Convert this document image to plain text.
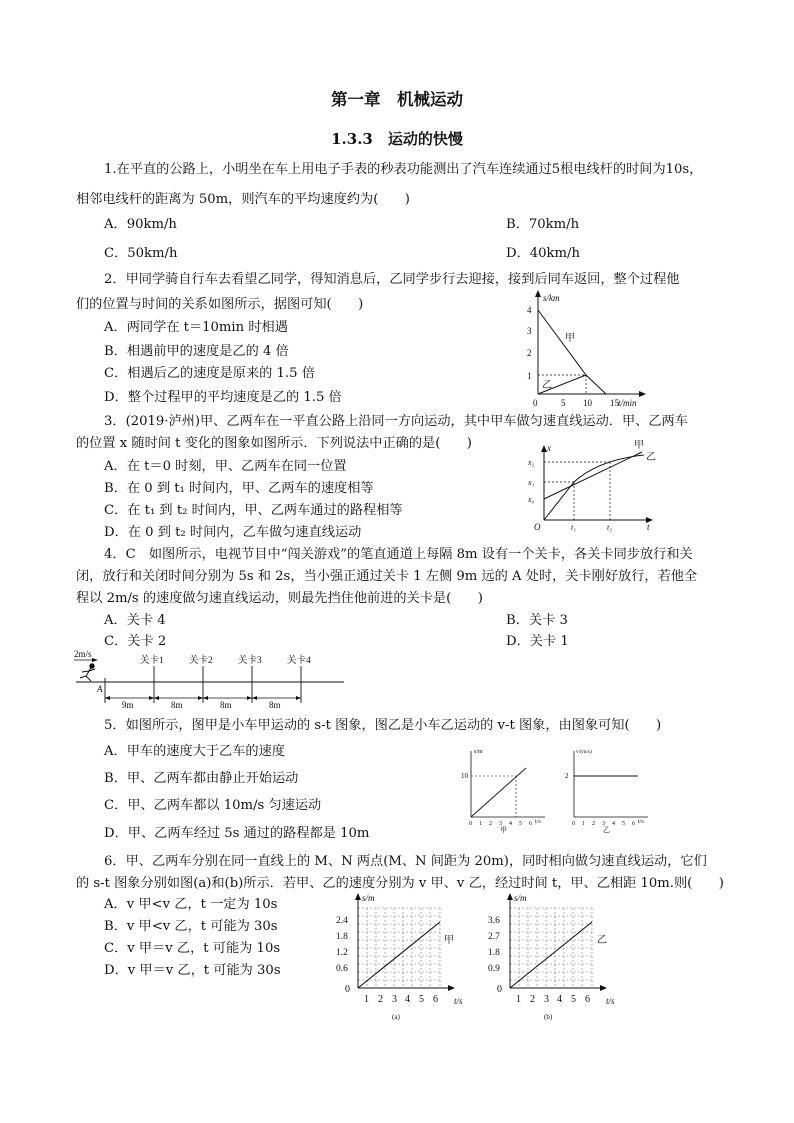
第一章　机械运动
1.3.3　运动的快慢
1.在平直的公路上，小明坐在车上用电子手表的秒表功能测出了汽车连续通过5根电线杆的时间为10s，
相邻电线杆的距离为 50m，则汽车的平均速度约为(　　)
A．90km/h	B．70km/h
C．50km/h	D．40km/h
2．甲同学骑自行车去看望乙同学，得知消息后，乙同学步行去迎接，接到后同车返回，整个过程他
们的位置与时间的关系如图所示，据图可知(　　)
A．两同学在 t＝10min 时相遇
B．相遇前甲的速度是乙的 4 倍
C．相遇后乙的速度是原来的 1.5 倍
D．整个过程甲的平均速度是乙的 1.5 倍
s/km
t/min
1
2
3
4
0	5 10 15
甲
乙
3．(2019·泸州)甲、乙两车在一平直公路上沿同一方向运动，其中甲车做匀速直线运动．甲、乙两车
的位置 x 随时间 t 变化的图象如图所示．下列说法中正确的是(　　)
A．在 t＝0 时刻，甲、乙两车在同一位置
B．在 0 到 t₁ 时间内，甲、乙两车的速度相等
C．在 t₁ 到 t₂ 时间内，甲、乙两车通过的路程相等
D．在 0 到 t₂ 时间内，乙车做匀速直线运动
x
t
O
x₂
x₁
x₀
t₁	t₂
甲
乙
4．C　如图所示，电视节目中“闯关游戏”的笔直通道上每隔 8m 设有一个关卡，各关卡同步放行和关
闭，放行和关闭时间分别为 5s 和 2s，当小强正通过关卡 1 左侧 9m 远的 A 处时，关卡刚好放行，若他全
程以 2m/s 的速度做匀速直线运动，则最先挡住他前进的关卡是(　　)
A．关卡 4	B．关卡 3
C．关卡 2	D．关卡 1
2m/s
A
关卡1	关卡2	关卡3	关卡4
9m	8m	8m	8m
5．如图所示，图甲是小车甲运动的 s-t 图象，图乙是小车乙运动的 v-t 图象，由图象可知(　　)
A．甲车的速度大于乙车的速度
B．甲、乙两车都由静止开始运动
C．甲、乙两车都以 10m/s 匀速运动
D．甲、乙两车经过 5s 通过的路程都是 10m
s/m
t/s
10
0 1 2 3 4 5 6
甲
v/(m/s)
t/s
2
0 1 2 3 4 5 6
乙
6．甲、乙两车分别在同一直线上的 M、N 两点(M、N 间距为 20m)，同时相向做匀速直线运动，它们
的 s-t 图象分别如图(a)和(b)所示．若甲、乙的速度分别为 v 甲、v 乙，经过时间 t，甲、乙相距 10m.则(　　)
A．v 甲<v 乙，t 一定为 10s
B．v 甲<v 乙，t 可能为 30s
C．v 甲＝v 乙，t 可能为 10s
D．v 甲＝v 乙，t 可能为 30s
s/m
t/s
0
0.6
1.2
1.8
2.4
1 2 3 4 5 6
甲
(a)
s/m
t/s
0
0.9
1.8
2.7
3.6
1 2 3 4 5 6
乙
(b)
